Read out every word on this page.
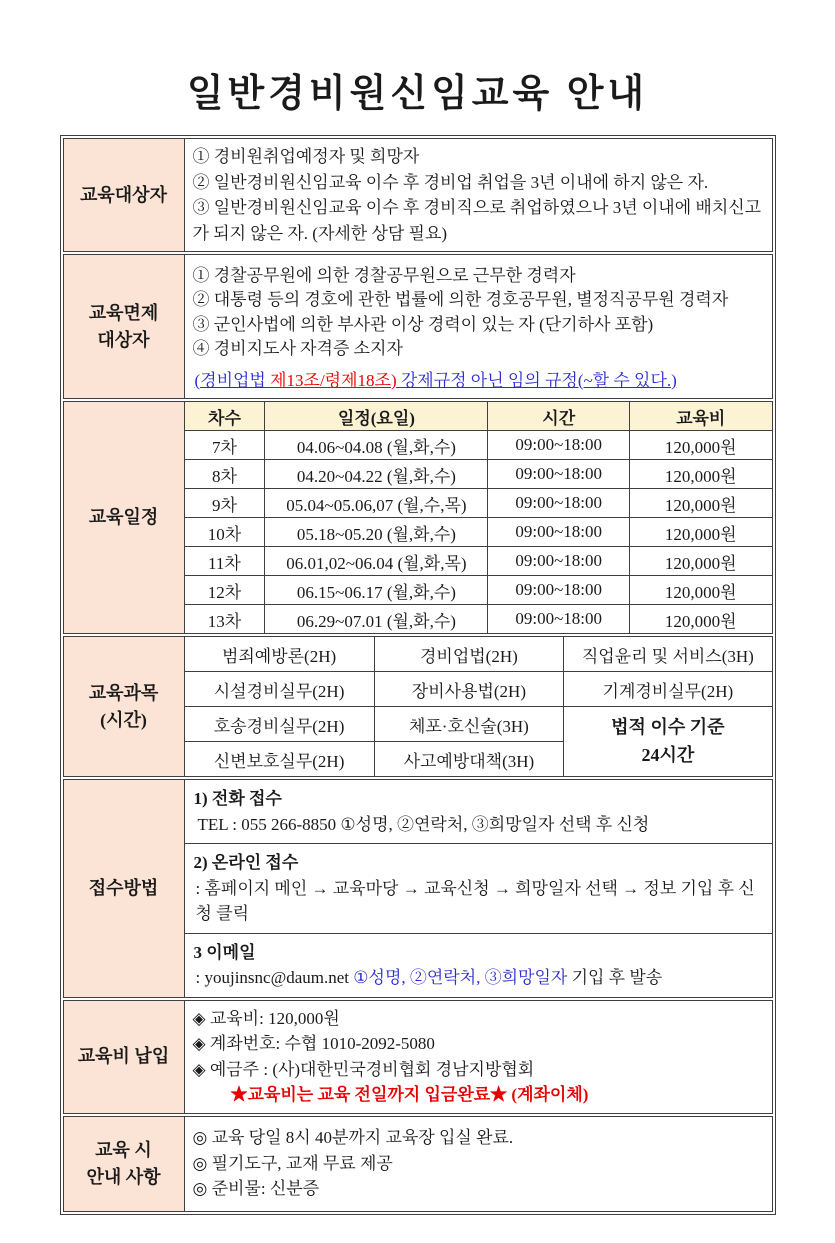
일반경비원신임교육 안내
교육대상자
① 경비원취업예정자 및 희망자
② 일반경비원신임교육 이수 후 경비업 취업을 3년 이내에 하지 않은 자.
③ 일반경비원신임교육 이수 후 경비직으로 취업하였으나 3년 이내에 배치신고가 되지 않은 자. (자세한 상담 필요)
교육면제
대상자
① 경찰공무원에 의한 경찰공무원으로 근무한 경력자
② 대통령 등의 경호에 관한 법률에 의한 경호공무원, 별정직공무원 경력자
③ 군인사법에 의한 부사관 이상 경력이 있는 자 (단기하사 포함)
④ 경비지도사 자격증 소지자
(경비업법 제13조/령제18조) 강제규정 아닌 임의 규정(~할 수 있다.)
교육일정
차수	일정(요일)	시간	교육비
7차	04.06~04.08 (월,화,수)	09:00~18:00	120,000원
8차	04.20~04.22 (월,화,수)	09:00~18:00	120,000원
9차	05.04~05.06,07 (월,수,목)	09:00~18:00	120,000원
10차	05.18~05.20 (월,화,수)	09:00~18:00	120,000원
11차	06.01,02~06.04 (월,화,목)	09:00~18:00	120,000원
12차	06.15~06.17 (월,화,수)	09:00~18:00	120,000원
13차	06.29~07.01 (월,화,수)	09:00~18:00	120,000원
교육과목
(시간)
범죄예방론(2H)	경비업법(2H)	직업윤리 및 서비스(3H)
시설경비실무(2H)	장비사용법(2H)	기계경비실무(2H)
호송경비실무(2H)	체포·호신술(3H)	법적 이수 기준
24시간

신변보호실무(2H)	사고예방대책(3H)	
접수방법
1) 전화 접수
TEL : 055 266-8850 ①성명, ②연락처, ③희망일자 선택 후 신청
2) 온라인 접수
: 홈페이지 메인 → 교육마당 → 교육신청 → 희망일자 선택 → 정보 기입 후 신청 클릭
3 이메일
: youjinsnc@daum.net ①성명, ②연락처, ③희망일자 기입 후 발송
교육비 납입
◈ 교육비: 120,000원
◈ 계좌번호: 수협 1010-2092-5080
◈ 예금주 : (사)대한민국경비협회 경남지방협회
★교육비는 교육 전일까지 입금완료★ (계좌이체)
교육 시
안내 사항
◎ 교육 당일 8시 40분까지 교육장 입실 완료.
◎ 필기도구, 교재 무료 제공
◎ 준비물: 신분증
